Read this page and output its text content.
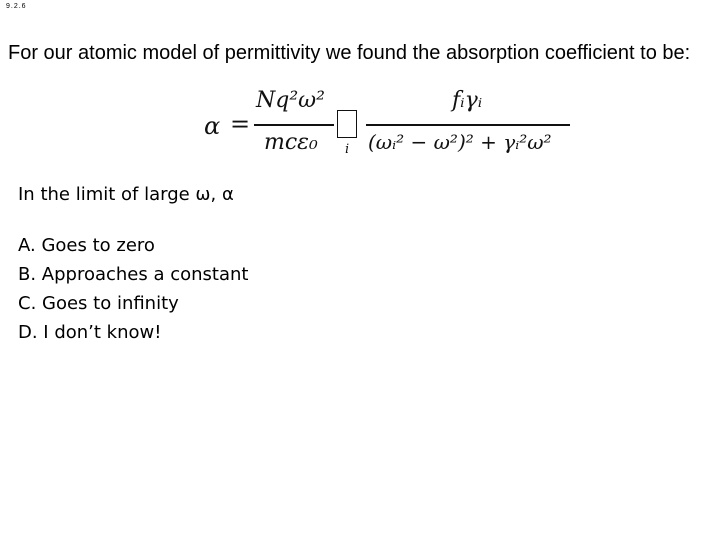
9.2.6
For our atomic model of permittivity we found the absorption coefficient to be:
α =
Nq²ω²
mcε₀ i
fᵢγᵢ
(ωᵢ² − ω²)² + γᵢ²ω²
In the limit of large ω, α
A. Goes to zero
B. Approaches a constant
C. Goes to infinity
D. I don’t know!
